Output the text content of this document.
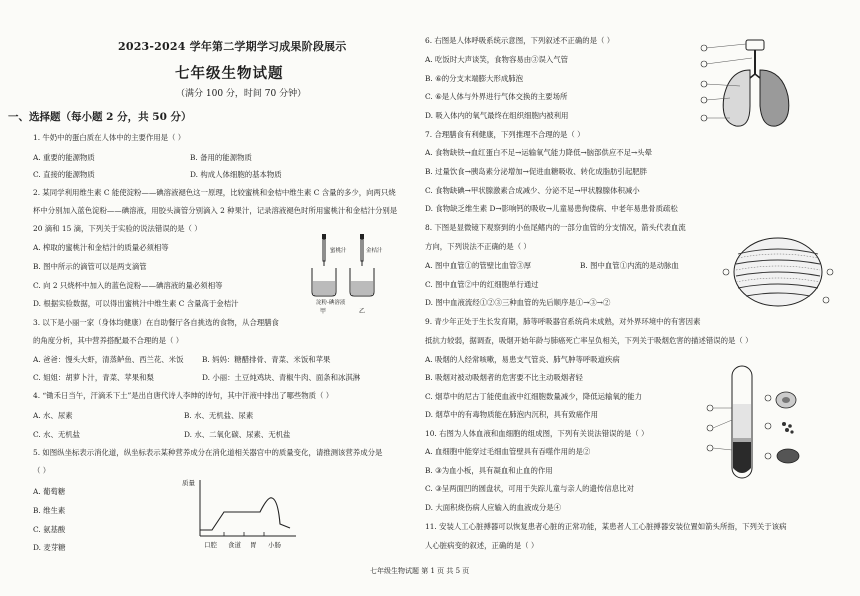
2023-2024 学年第二学期学习成果阶段展示
七年级生物试题
（满分 100 分，时间 70 分钟）
一、选择题（每小题 2 分，共 50 分）
1. 牛奶中的蛋白质在人体中的主要作用是（ ）
A. 重要的能源物质	B. 备用的能源物质
C. 直接的能源物质	D. 构成人体细胞的基本物质
2. 某同学利用维生素 C 能使淀粉——碘溶液褪色这一原理，比较蜜桃和金桔中维生素 C 含量的多少，向两只烧
杯中分别加入蓝色淀粉——碘溶液，用胶头滴管分别滴入 2 种果汁，记录溶液褪色时所用蜜桃汁和金桔汁分别是
20 滴和 15 滴，下列关于实验的说法错误的是（ ）
A. 榨取的蜜桃汁和金桔汁的质量必须相等
B. 图中所示的滴管可以是两支滴管
C. 向 2 只烧杯中加入的蓝色淀粉——碘溶液的量必须相等
D. 根据实验数据，可以得出蜜桃汁中维生素 C 含量高于金桔汁
蜜桃汁	金桔汁
淀粉-碘溶液
甲	乙
3. 以下是小丽一家（身体均健康）在自助餐厅各自挑选的食物，从合理膳食
的角度分析，其中营养搭配最不合理的是（ ）
A. 爸爸：馒头大虾，清蒸鲈鱼、西兰花、米饭	B. 妈妈：糖醋排骨、青菜、米饭和苹果
C. 姐姐：胡萝卜汁，青菜、苹果和梨	D. 小丽：土豆炖鸡块、青椒牛肉、面条和冰淇淋
4. “锄禾日当午，汗滴禾下土”是出自唐代诗人李绅的诗句，其中汗液中排出了哪些物质（ ）
A. 水、尿素	B. 水、无机盐、尿素
C. 水、无机盐	D. 水、二氧化碳、尿素、无机盐
5. 如图纵坐标表示消化道，纵坐标表示某种营养成分在消化道相关器官中的质量变化，请推测该营养成分是
（ ）
A. 葡萄糖
B. 维生素
C. 氨基酸
D. 麦芽糖
质量
口腔 食道 胃 小肠
6. 右图是人体呼吸系统示意图，下列叙述不正确的是（ ）
A. 吃饭时大声谈笑，食物容易由③误入气管
B. ⑥的分支末端膨大形成肺泡
C. ⑥是人体与外界进行气体交换的主要场所
D. 吸入体内的氧气最终在组织细胞内被利用
7. 合理膳食有利健康，下列推理不合理的是（ ）
A. 食物缺铁→血红蛋白不足→运输氧气能力降低→脑部供应不足→头晕
B. 过量饮食→胰岛素分泌增加→促进血糖吸收、转化成脂肪引起肥胖
C. 食物缺碘→甲状腺激素合成减少、分泌不足→甲状腺腺体积减小
D. 食物缺乏维生素 D→影响钙的吸收→儿童易患佝偻病、中老年易患骨质疏松
8. 下图是显微镜下观察到的小鱼尾鳍内的一部分血管的分支情况，箭头代表血流
方向，下列说法不正确的是（ ）
A. 图中血管①的管壁比血管③厚	B. 图中血管①内流的是动脉血
C. 图中血管②中的红细胞单行通过
D. 图中血液流经①②③三种血管的先后顺序是①→③→②
9. 青少年正处于生长发育期，肺等呼吸器官系统尚未成熟，对外界环境中的有害因素
抵抗力较弱，据调查，吸烟开始年龄与肺癌死亡率呈负相关，下列关于吸烟危害的描述错误的是（ ）
A. 吸烟的人经常咳嗽，易患支气管炎、肺气肿等呼吸道疾病
B. 吸烟对被动吸烟者的危害要不比主动吸烟者轻
C. 烟草中的尼古丁能使血液中红细胞数量减少，降低运输氧的能力
D. 烟草中的有毒物质能在肺泡内沉积，具有致癌作用
10. 右图为人体血液和血细胞的组成图，下列有关说法错误的是（ ）
A. 血细胞中能穿过毛细血管壁具有吞噬作用的是②
B. ③为血小板，具有凝血和止血的作用
C. ③呈两面凹的圆盘状，可用于失踪儿童与亲人的遗传信息比对
D. 大面积烧伤病人应输入的血液成分是④
11. 安装人工心脏搏器可以恢复患者心脏的正常功能，某患者人工心脏搏器安装位置如箭头所指，下列关于该病
人心脏病变的叙述，正确的是（ ）
七年级生物试题 第 1 页 共 5 页
